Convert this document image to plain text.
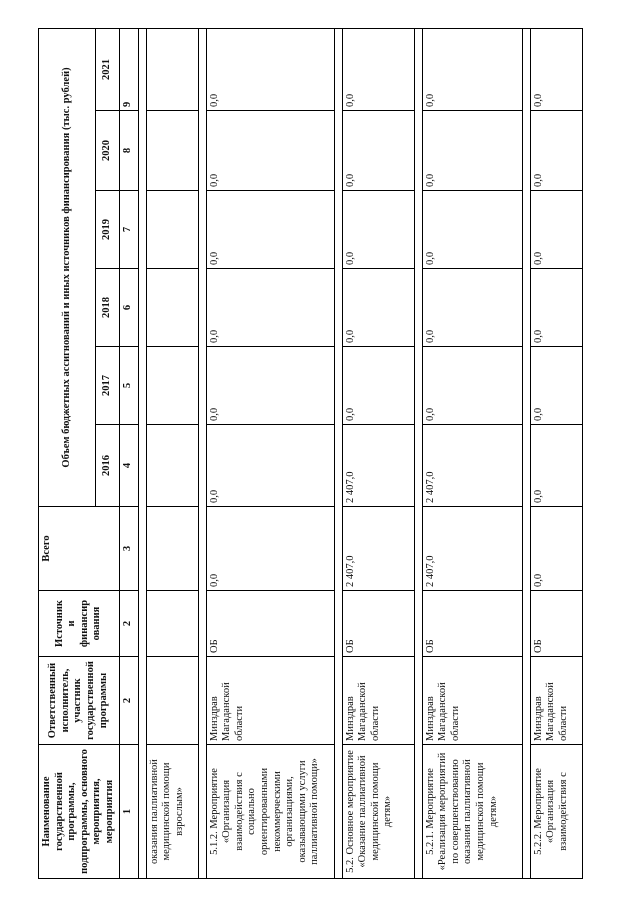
Наименование государственной программы, подпрограммы, основного мероприятия, мероприятия	Ответственный исполнитель, участник государственной программы	Источник и финансир ования	Всего	Объем бюджетных ассигнований и иных источников финансирования (тыс. рублей)					
				2016	2017	2018	2019	2020	2021
1	2	2	3	4	5	6	7	8	9

оказания паллиативной медицинской помощи взрослым»									

5.1.2. Мероприятие «Организация взаимодействия с социально ориентированными некоммерческими организациями, оказывающими услуги паллиативной помощи»	Минздрав Магаданской области	ОБ	0,0	0,0	0,0	0,0	0,0	0,0	0,0

5.2. Основное мероприятие «Оказание паллиативной медицинской помощи детям»	Минздрав Магаданской области	ОБ	2 407,0	2 407,0	0,0	0,0	0,0	0,0	0,0

5.2.1. Мероприятие «Реализация мероприятий по совершенствованию оказания паллиативной медицинской помощи детям»	Минздрав Магаданской области	ОБ	2 407,0	2 407,0	0,0	0,0	0,0	0,0	0,0

5.2.2. Мероприятие «Организация взаимодействия с	Минздрав Магаданской области	ОБ	0,0	0,0	0,0	0,0	0,0	0,0	0,0
